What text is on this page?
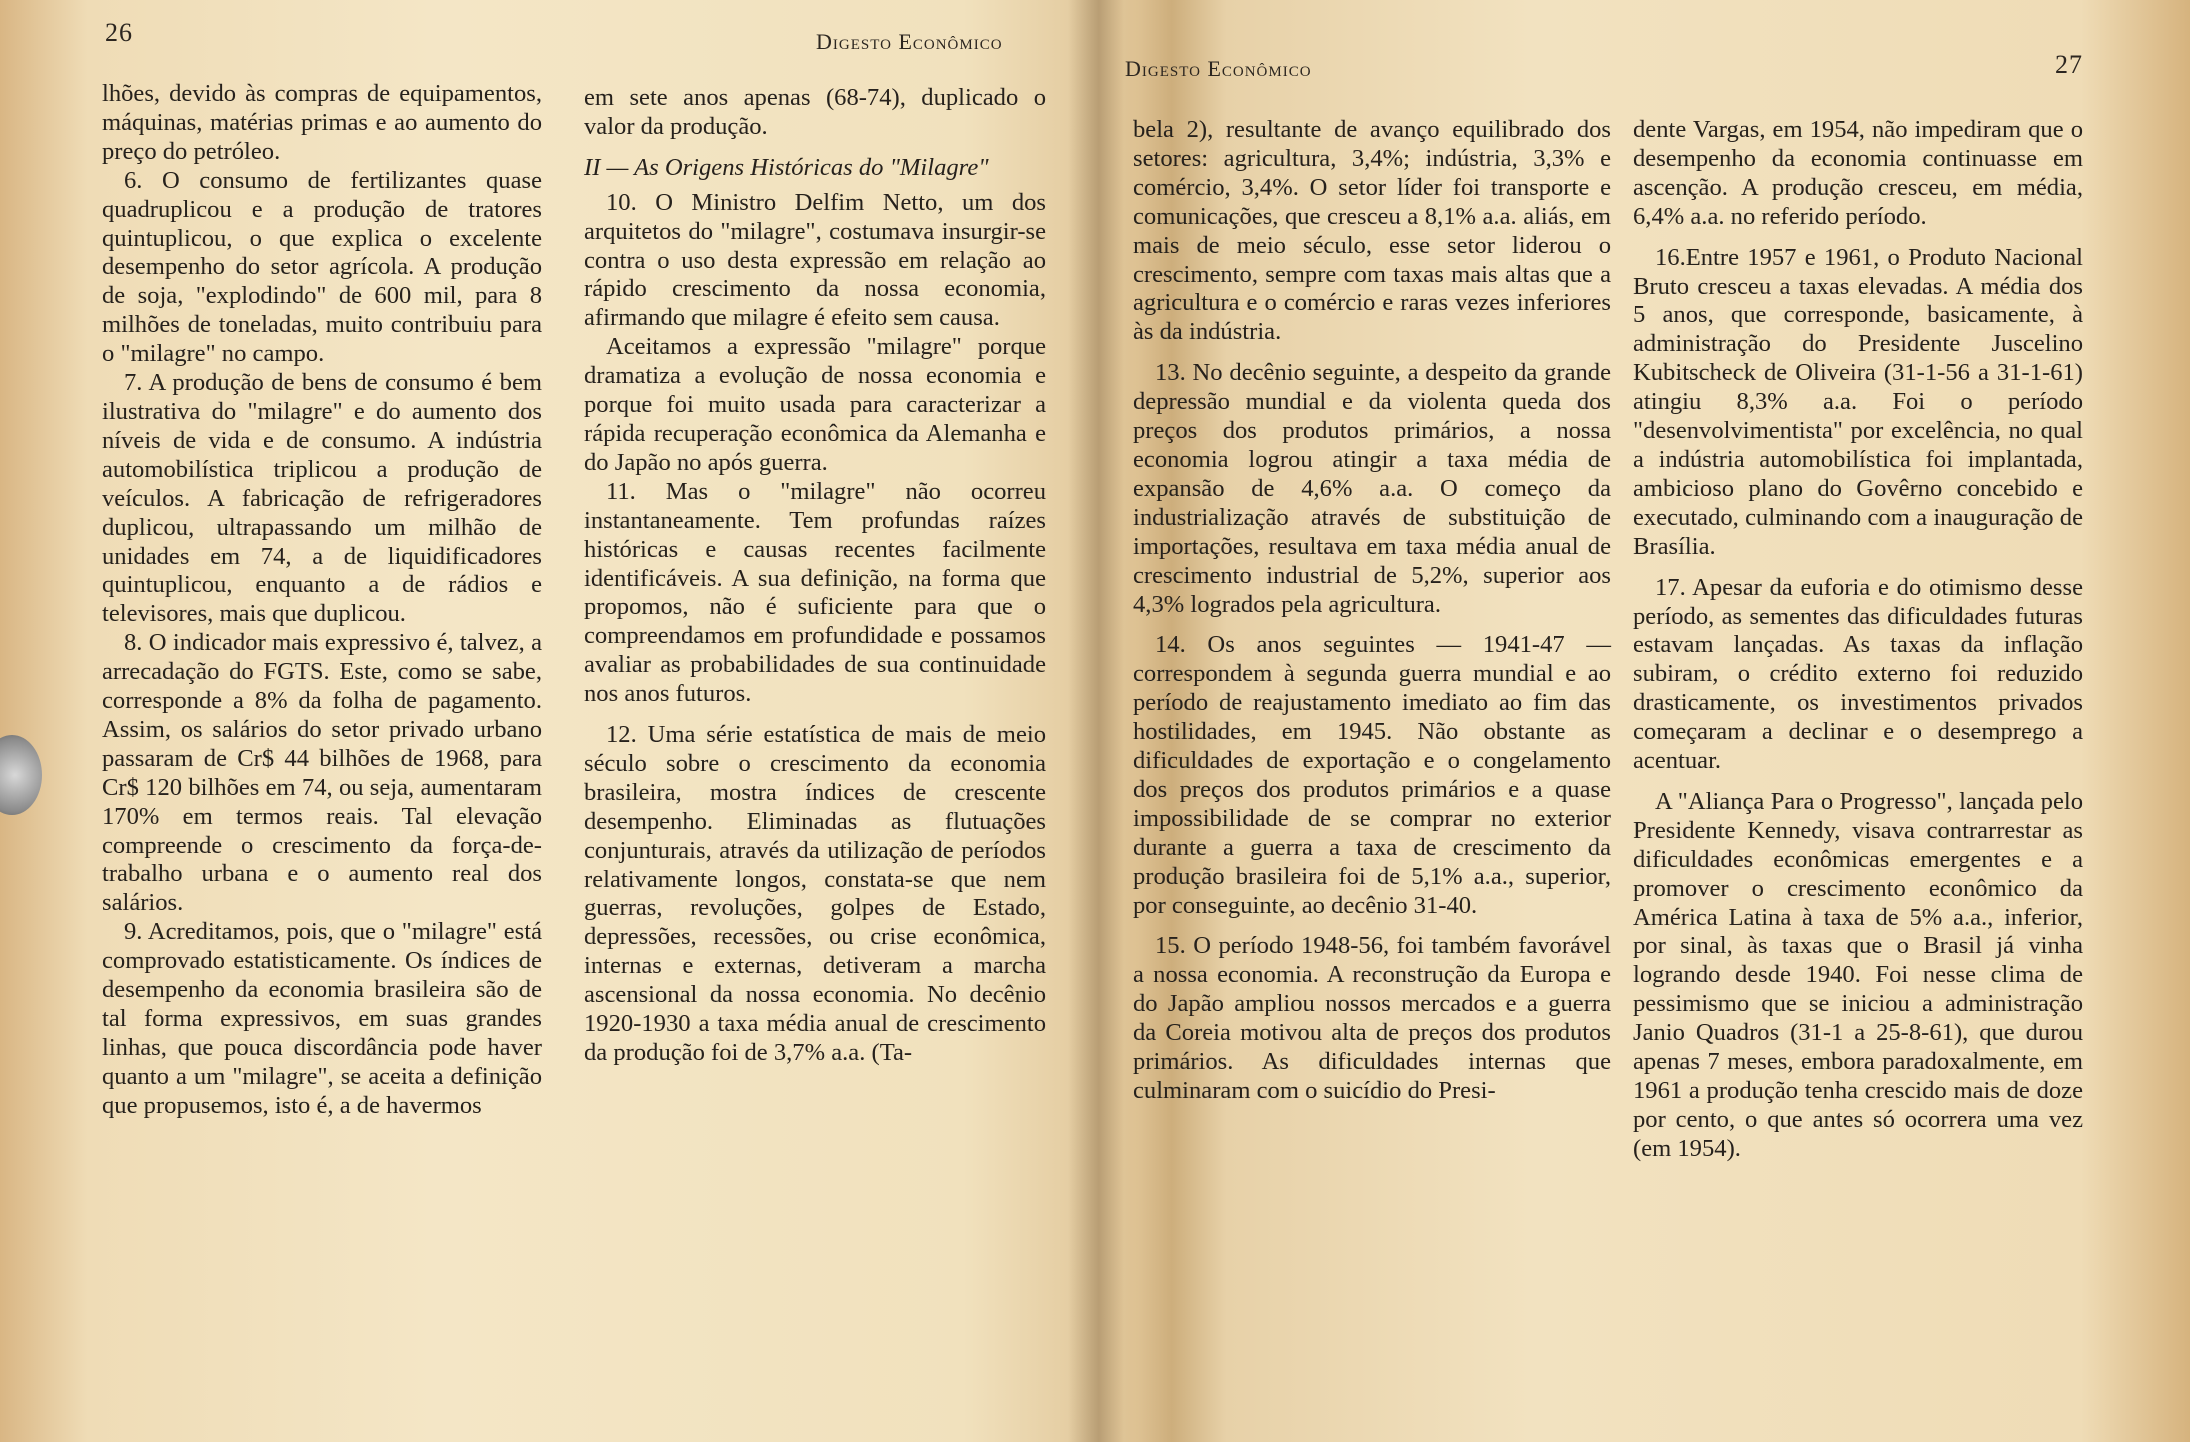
26	Digesto Econômico

lhões, devido às compras de equipamentos, máquinas, matérias primas e ao aumento do preço do petróleo.

6. O consumo de fertilizantes quase quadruplicou e a produção de tratores quintuplicou, o que explica o excelente desempenho do setor agrícola. A produção de soja, "explodindo" de 600 mil, para 8 milhões de toneladas, muito contribuiu para o "milagre" no campo.

7. A produção de bens de consumo é bem ilustrativa do "milagre" e do aumento dos níveis de vida e de consumo. A indústria automobilística triplicou a produção de veículos. A fabricação de refrigeradores duplicou, ultrapassando um milhão de unidades em 74, a de liquidificadores quintuplicou, enquanto a de rádios e televisores, mais que duplicou.

8. O indicador mais expressivo é, talvez, a arrecadação do FGTS. Este, como se sabe, corresponde a 8% da folha de pagamento. Assim, os salários do setor privado urbano passaram de Cr$ 44 bilhões de 1968, para Cr$ 120 bilhões em 74, ou seja, aumentaram 170% em termos reais. Tal elevação compreende o crescimento da força-de-trabalho urbana e o aumento real dos salários.

9. Acreditamos, pois, que o "milagre" está comprovado estatisticamente. Os índices de desempenho da economia brasileira são de tal forma expressivos, em suas grandes linhas, que pouca discordância pode haver quanto a um "milagre", se aceita a definição que propusemos, isto é, a de havermos

em sete anos apenas (68-74), duplicado o valor da produção.

II — As Origens Históricas do "Milagre"

10. O Ministro Delfim Netto, um dos arquitetos do "milagre", costumava insurgir-se contra o uso desta expressão em relação ao rápido crescimento da nossa economia, afirmando que milagre é efeito sem causa.

Aceitamos a expressão "milagre" porque dramatiza a evolução de nossa economia e porque foi muito usada para caracterizar a rápida recuperação econômica da Alemanha e do Japão no após guerra.

11. Mas o "milagre" não ocorreu instantaneamente. Tem profundas raízes históricas e causas recentes facilmente identificáveis. A sua definição, na forma que propomos, não é suficiente para que o compreendamos em profundidade e possamos avaliar as probabilidades de sua continuidade nos anos futuros.

12. Uma série estatística de mais de meio século sobre o crescimento da economia brasileira, mostra índices de crescente desempenho. Eliminadas as flutuações conjunturais, através da utilização de períodos relativamente longos, constata-se que nem guerras, revoluções, golpes de Estado, depressões, recessões, ou crise econômica, internas e externas, detiveram a marcha ascensional da nossa economia. No decênio 1920-1930 a taxa média anual de crescimento da produção foi de 3,7% a.a. (Ta-

Digesto Econômico	27

bela 2), resultante de avanço equilibrado dos setores: agricultura, 3,4%; indústria, 3,3% e comércio, 3,4%. O setor líder foi transporte e comunicações, que cresceu a 8,1% a.a. aliás, em mais de meio século, esse setor liderou o crescimento, sempre com taxas mais altas que a agricultura e o comércio e raras vezes inferiores às da indústria.

13. No decênio seguinte, a despeito da grande depressão mundial e da violenta queda dos preços dos produtos primários, a nossa economia logrou atingir a taxa média de expansão de 4,6% a.a. O começo da industrialização através de substituição de importações, resultava em taxa média anual de crescimento industrial de 5,2%, superior aos 4,3% logrados pela agricultura.

14. Os anos seguintes — 1941-47 — correspondem à segunda guerra mundial e ao período de reajustamento imediato ao fim das hostilidades, em 1945. Não obstante as dificuldades de exportação e o congelamento dos preços dos produtos primários e a quase impossibilidade de se comprar no exterior durante a guerra a taxa de crescimento da produção brasileira foi de 5,1% a.a., superior, por conseguinte, ao decênio 31-40.

15. O período 1948-56, foi também favorável a nossa economia. A reconstrução da Europa e do Japão ampliou nossos mercados e a guerra da Coreia motivou alta de preços dos produtos primários. As dificuldades internas que culminaram com o suicídio do Presi-

dente Vargas, em 1954, não impediram que o desempenho da economia continuasse em ascenção. A produção cresceu, em média, 6,4% a.a. no referido período.

16.Entre 1957 e 1961, o Produto Nacional Bruto cresceu a taxas elevadas. A média dos 5 anos, que corresponde, basicamente, à administração do Presidente Juscelino Kubitscheck de Oliveira (31-1-56 a 31-1-61) atingiu 8,3% a.a. Foi o período "desenvolvimentista" por excelência, no qual a indústria automobilística foi implantada, ambicioso plano do Govêrno concebido e executado, culminando com a inauguração de Brasília.

17. Apesar da euforia e do otimismo desse período, as sementes das dificuldades futuras estavam lançadas. As taxas da inflação subiram, o crédito externo foi reduzido drasticamente, os investimentos privados começaram a declinar e o desemprego a acentuar.

A "Aliança Para o Progresso", lançada pelo Presidente Kennedy, visava contrarrestar as dificuldades econômicas emergentes e a promover o crescimento econômico da América Latina à taxa de 5% a.a., inferior, por sinal, às taxas que o Brasil já vinha logrando desde 1940. Foi nesse clima de pessimismo que se iniciou a administração Janio Quadros (31-1 a 25-8-61), que durou apenas 7 meses, embora paradoxalmente, em 1961 a produção tenha crescido mais de doze por cento, o que antes só ocorrera uma vez (em 1954).
